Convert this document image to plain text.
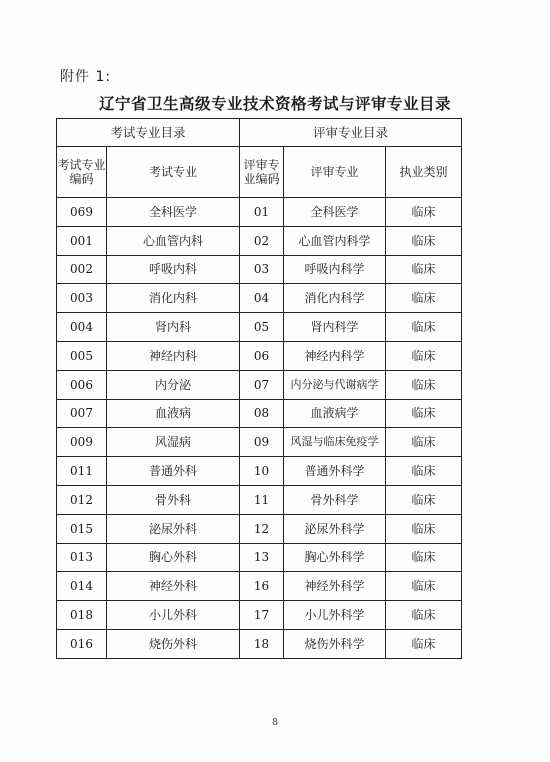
附件 1:
辽宁省卫生高级专业技术资格考试与评审专业目录
考试专业目录		评审专业目录		
考试专业编码	考试专业	评审专业编码	评审专业	执业类别
069	全科医学	01	全科医学	临床
001	心血管内科	02	心血管内科学	临床
002	呼吸内科	03	呼吸内科学	临床
003	消化内科	04	消化内科学	临床
004	肾内科	05	肾内科学	临床
005	神经内科	06	神经内科学	临床
006	内分泌	07	内分泌与代谢病学	临床
007	血液病	08	血液病学	临床
009	风湿病	09	风湿与临床免疫学	临床
011	普通外科	10	普通外科学	临床
012	骨外科	11	骨外科学	临床
015	泌尿外科	12	泌尿外科学	临床
013	胸心外科	13	胸心外科学	临床
014	神经外科	16	神经外科学	临床
018	小儿外科	17	小儿外科学	临床
016	烧伤外科	18	烧伤外科学	临床
8
